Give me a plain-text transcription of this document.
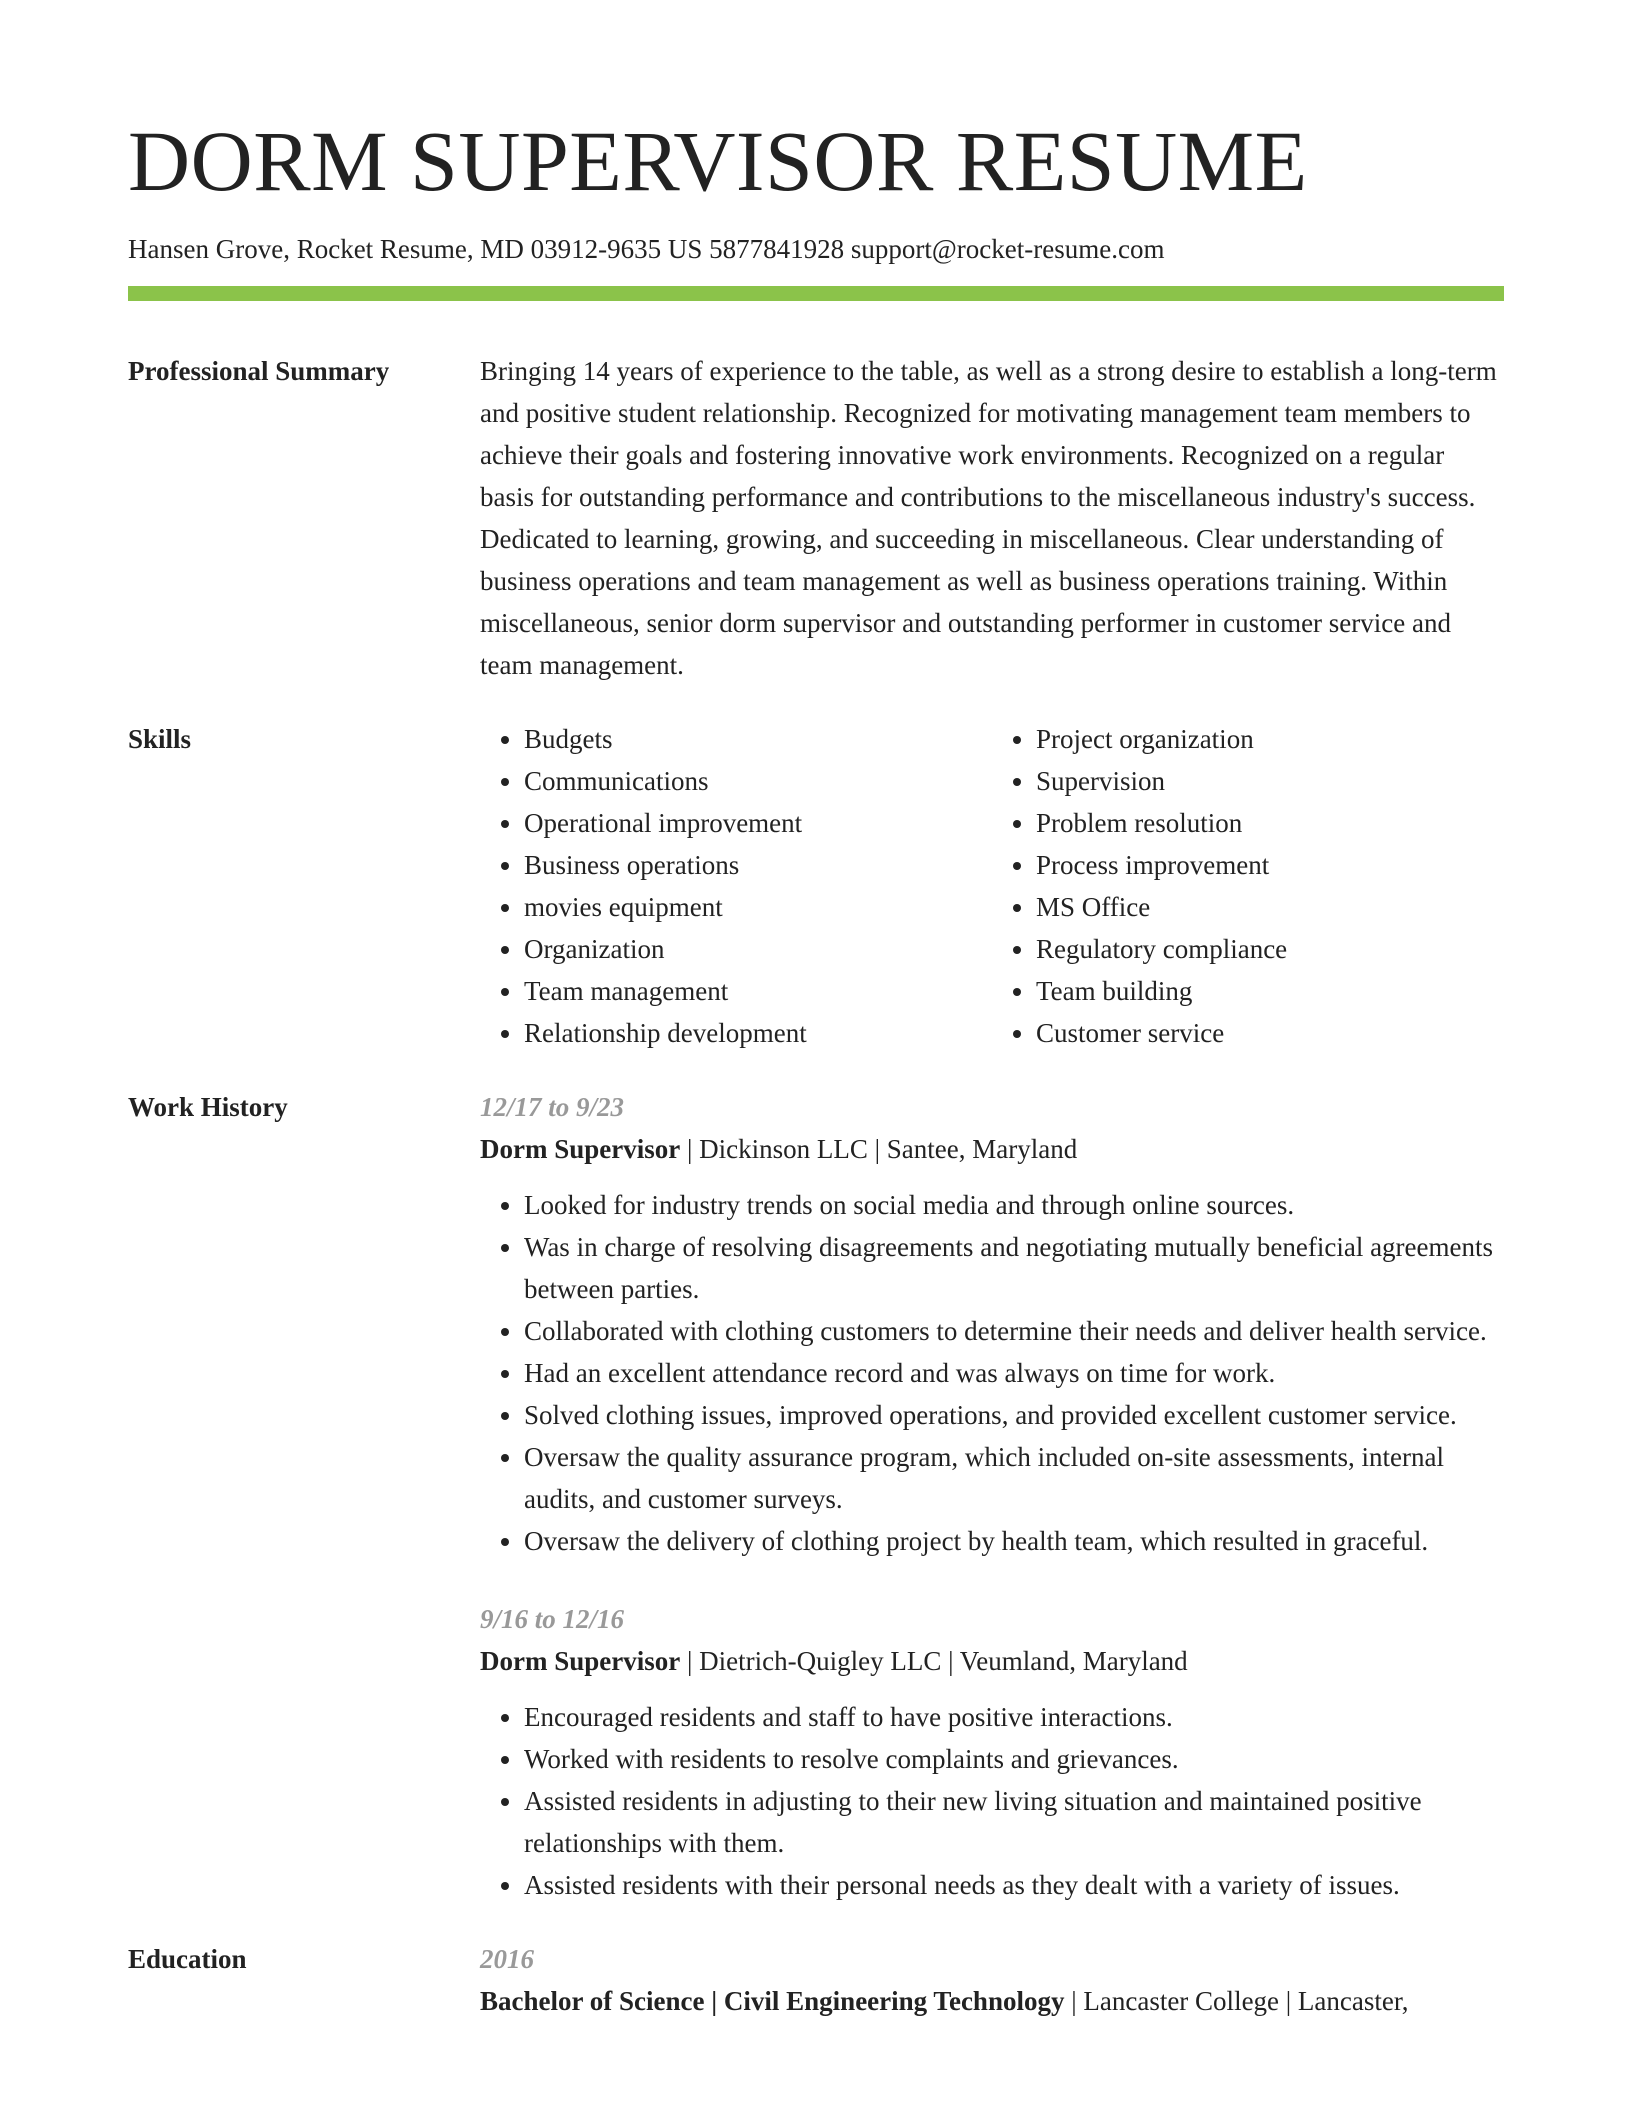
DORM SUPERVISOR RESUME
Hansen Grove, Rocket Resume, MD 03912-9635 US 5877841928 support@rocket-resume.com
Professional Summary	Bringing 14 years of experience to the table, as well as a strong desire to establish a long-term and positive student relationship. Recognized for motivating management team members to achieve their goals and fostering innovative work environments. Recognized on a regular basis for outstanding performance and contributions to the miscellaneous industry's success. Dedicated to learning, growing, and succeeding in miscellaneous. Clear understanding of business operations and team management as well as business operations training. Within miscellaneous, senior dorm supervisor and outstanding performer in customer service and team management.

Skills
•	Budgets
• Communications
• Operational improvement
• Business operations
• movies equipment
• Organization
• Team management
• Relationship development
• Project organization
• Supervision
• Problem resolution
• Process improvement
• MS Office
• Regulatory compliance
• Team building
• Customer service
Work History	12/17 to 9/23
Dorm Supervisor | Dickinson LLC | Santee, Maryland
• Looked for industry trends on social media and through online sources.
• Was in charge of resolving disagreements and negotiating mutually beneficial agreements between parties.
• Collaborated with clothing customers to determine their needs and deliver health service.
• Had an excellent attendance record and was always on time for work.
• Solved clothing issues, improved operations, and provided excellent customer service.
• Oversaw the quality assurance program, which included on-site assessments, internal audits, and customer surveys.
• Oversaw the delivery of clothing project by health team, which resulted in graceful.
9/16 to 12/16
Dorm Supervisor | Dietrich-Quigley LLC | Veumland, Maryland
• Encouraged residents and staff to have positive interactions.
• Worked with residents to resolve complaints and grievances.
• Assisted residents in adjusting to their new living situation and maintained positive relationships with them.
• Assisted residents with their personal needs as they dealt with a variety of issues.
Education	2016
Bachelor of Science | Civil Engineering Technology | Lancaster College | Lancaster,
